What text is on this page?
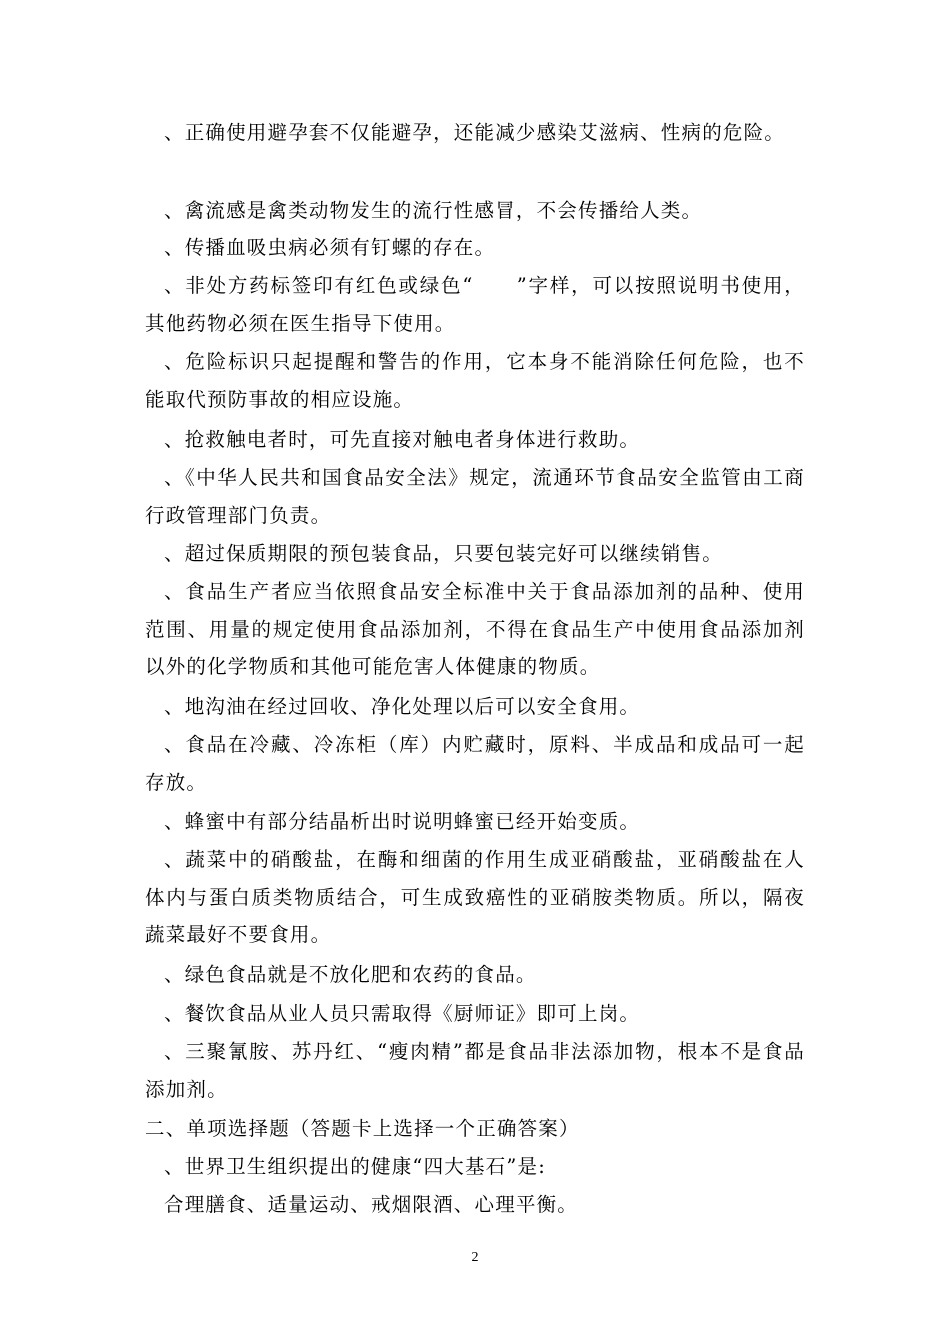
、正确使用避孕套不仅能避孕，还能减少感染艾滋病、性病的危险。

、禽流感是禽类动物发生的流行性感冒，不会传播给人类。

、传播血吸虫病必须有钉螺的存在。

、非处方药标签印有红色或绿色“　　”字样，可以按照说明书使用，其他药物必须在医生指导下使用。

、危险标识只起提醒和警告的作用，它本身不能消除任何危险，也不能取代预防事故的相应设施。

、抢救触电者时，可先直接对触电者身体进行救助。

、《中华人民共和国食品安全法》规定，流通环节食品安全监管由工商行政管理部门负责。

、超过保质期限的预包装食品，只要包装完好可以继续销售。

、食品生产者应当依照食品安全标准中关于食品添加剂的品种、使用范围、用量的规定使用食品添加剂，不得在食品生产中使用食品添加剂以外的化学物质和其他可能危害人体健康的物质。

、地沟油在经过回收、净化处理以后可以安全食用。

、食品在冷藏、冷冻柜（库）内贮藏时，原料、半成品和成品可一起存放。

、蜂蜜中有部分结晶析出时说明蜂蜜已经开始变质。

、蔬菜中的硝酸盐，在酶和细菌的作用生成亚硝酸盐，亚硝酸盐在人体内与蛋白质类物质结合，可生成致癌性的亚硝胺类物质。所以，隔夜蔬菜最好不要食用。

、绿色食品就是不放化肥和农药的食品。

、餐饮食品从业人员只需取得《厨师证》即可上岗。

、三聚氰胺、苏丹红、“瘦肉精”都是食品非法添加物，根本不是食品添加剂。

二、单项选择题（答题卡上选择一个正确答案）

、世界卫生组织提出的健康“四大基石”是:

合理膳食、适量运动、戒烟限酒、心理平衡。

2
